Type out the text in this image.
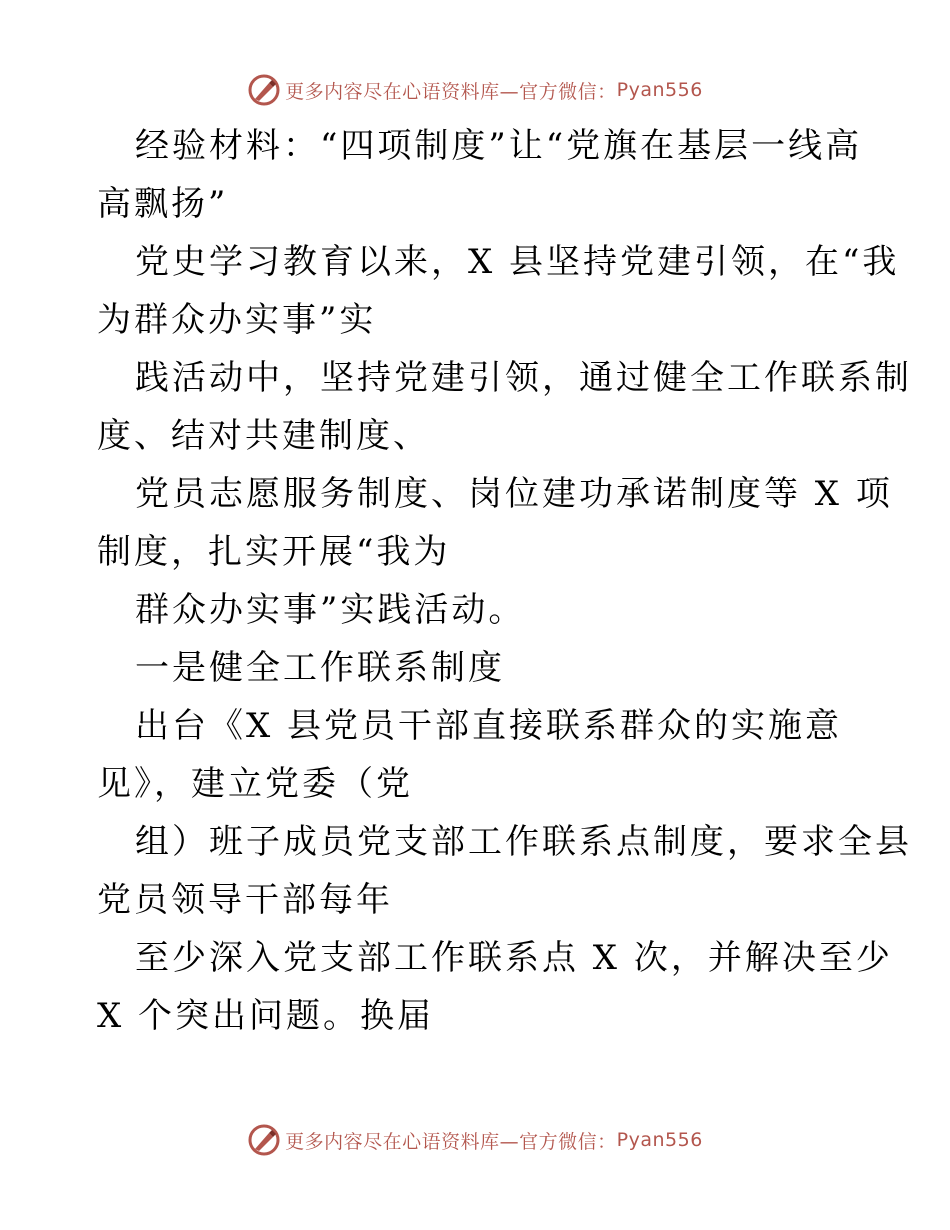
更多内容尽在心语资料库—官方微信： Pyan556
经验材料：“四项制度”让“党旗在基层一线高
高飘扬”
党史学习教育以来，X 县坚持党建引领，在“我
为群众办实事”实
践活动中，坚持党建引领，通过健全工作联系制
度、结对共建制度、
党员志愿服务制度、岗位建功承诺制度等 X 项
制度，扎实开展“我为
群众办实事”实践活动。
一是健全工作联系制度
出台《X 县党员干部直接联系群众的实施意
见》，建立党委（党
组）班子成员党支部工作联系点制度，要求全县
党员领导干部每年
至少深入党支部工作联系点 X 次，并解决至少
X 个突出问题。换届
更多内容尽在心语资料库—官方微信： Pyan556
